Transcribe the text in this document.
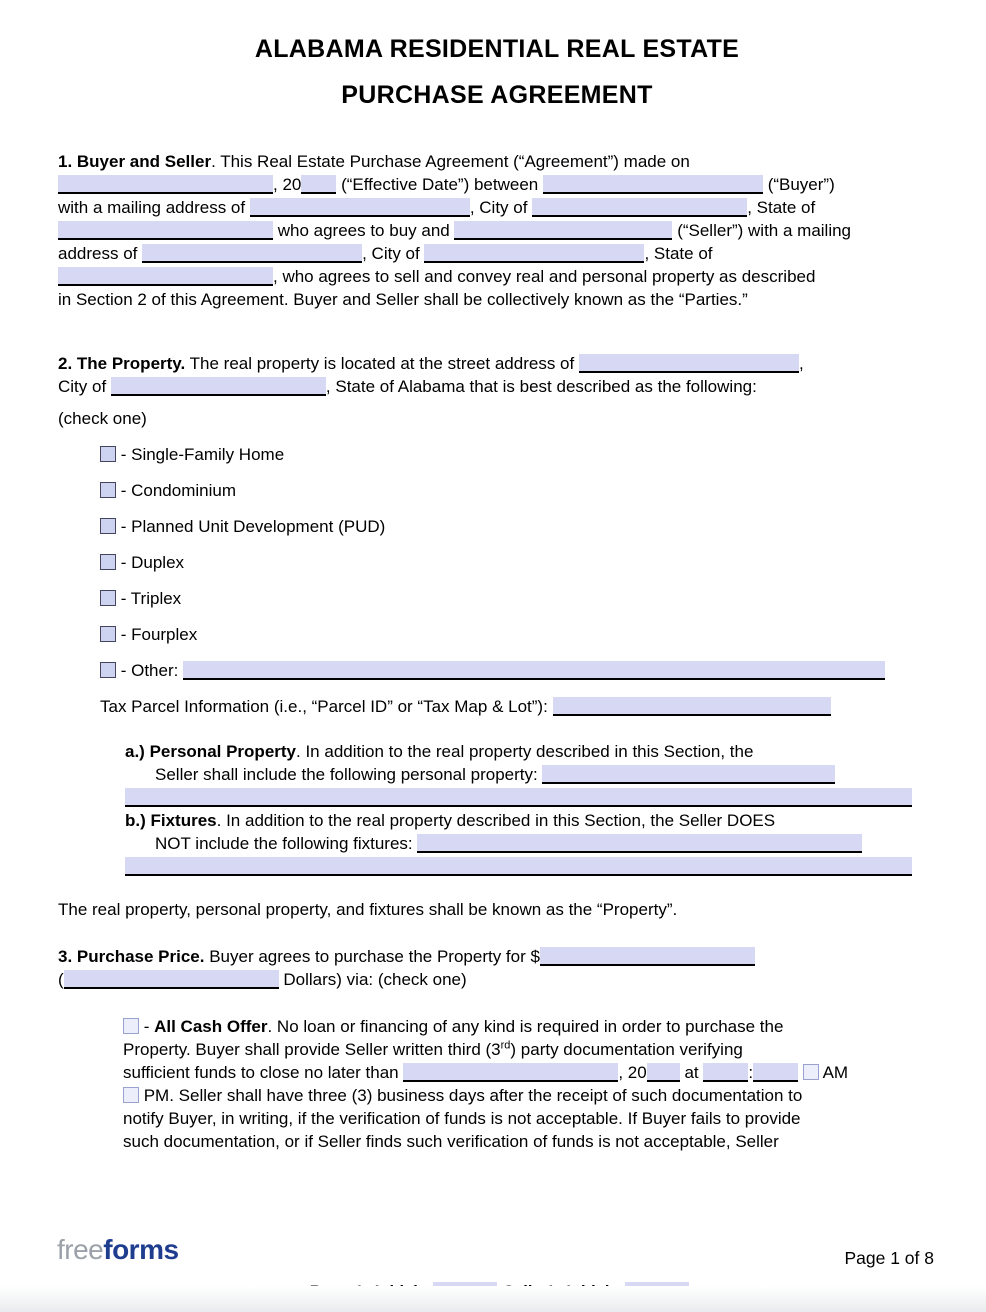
ALABAMA RESIDENTIAL REAL ESTATE
PURCHASE AGREEMENT
1. Buyer and Seller. This Real Estate Purchase Agreement (“Agreement”) made on
, 20 (“Effective Date”) between	(“Buyer”)
with a mailing address of	, City of	, State of
who agrees to buy and	(“Seller”) with a mailing
address of	, City of	, State of
, who agrees to sell and convey real and personal property as described
in Section 2 of this Agreement. Buyer and Seller shall be collectively known as the “Parties.”
2. The Property. The real property is located at the street address of	,
City of	, State of Alabama that is best described as the following:
(check one)
- Single-Family Home
- Condominium
- Planned Unit Development (PUD)
- Duplex
- Triplex
- Fourplex
- Other:
Tax Parcel Information (i.e., “Parcel ID” or “Tax Map & Lot”):
a.) Personal Property. In addition to the real property described in this Section, the
Seller shall include the following personal property:
b.) Fixtures. In addition to the real property described in this Section, the Seller DOES
NOT include the following fixtures:
The real property, personal property, and fixtures shall be known as the “Property”.
3. Purchase Price. Buyer agrees to purchase the Property for $
(	Dollars) via: (check one)
- All Cash Offer. No loan or financing of any kind is required in order to purchase the
Property. Buyer shall provide Seller written third (3rd) party documentation verifying
sufficient funds to close no later than	, 20 at	:	AM
PM. Seller shall have three (3) business days after the receipt of such documentation to
notify Buyer, in writing, if the verification of funds is not acceptable. If Buyer fails to provide
such documentation, or if Seller finds such verification of funds is not acceptable, Seller
freeforms

	Page 1 of 8
